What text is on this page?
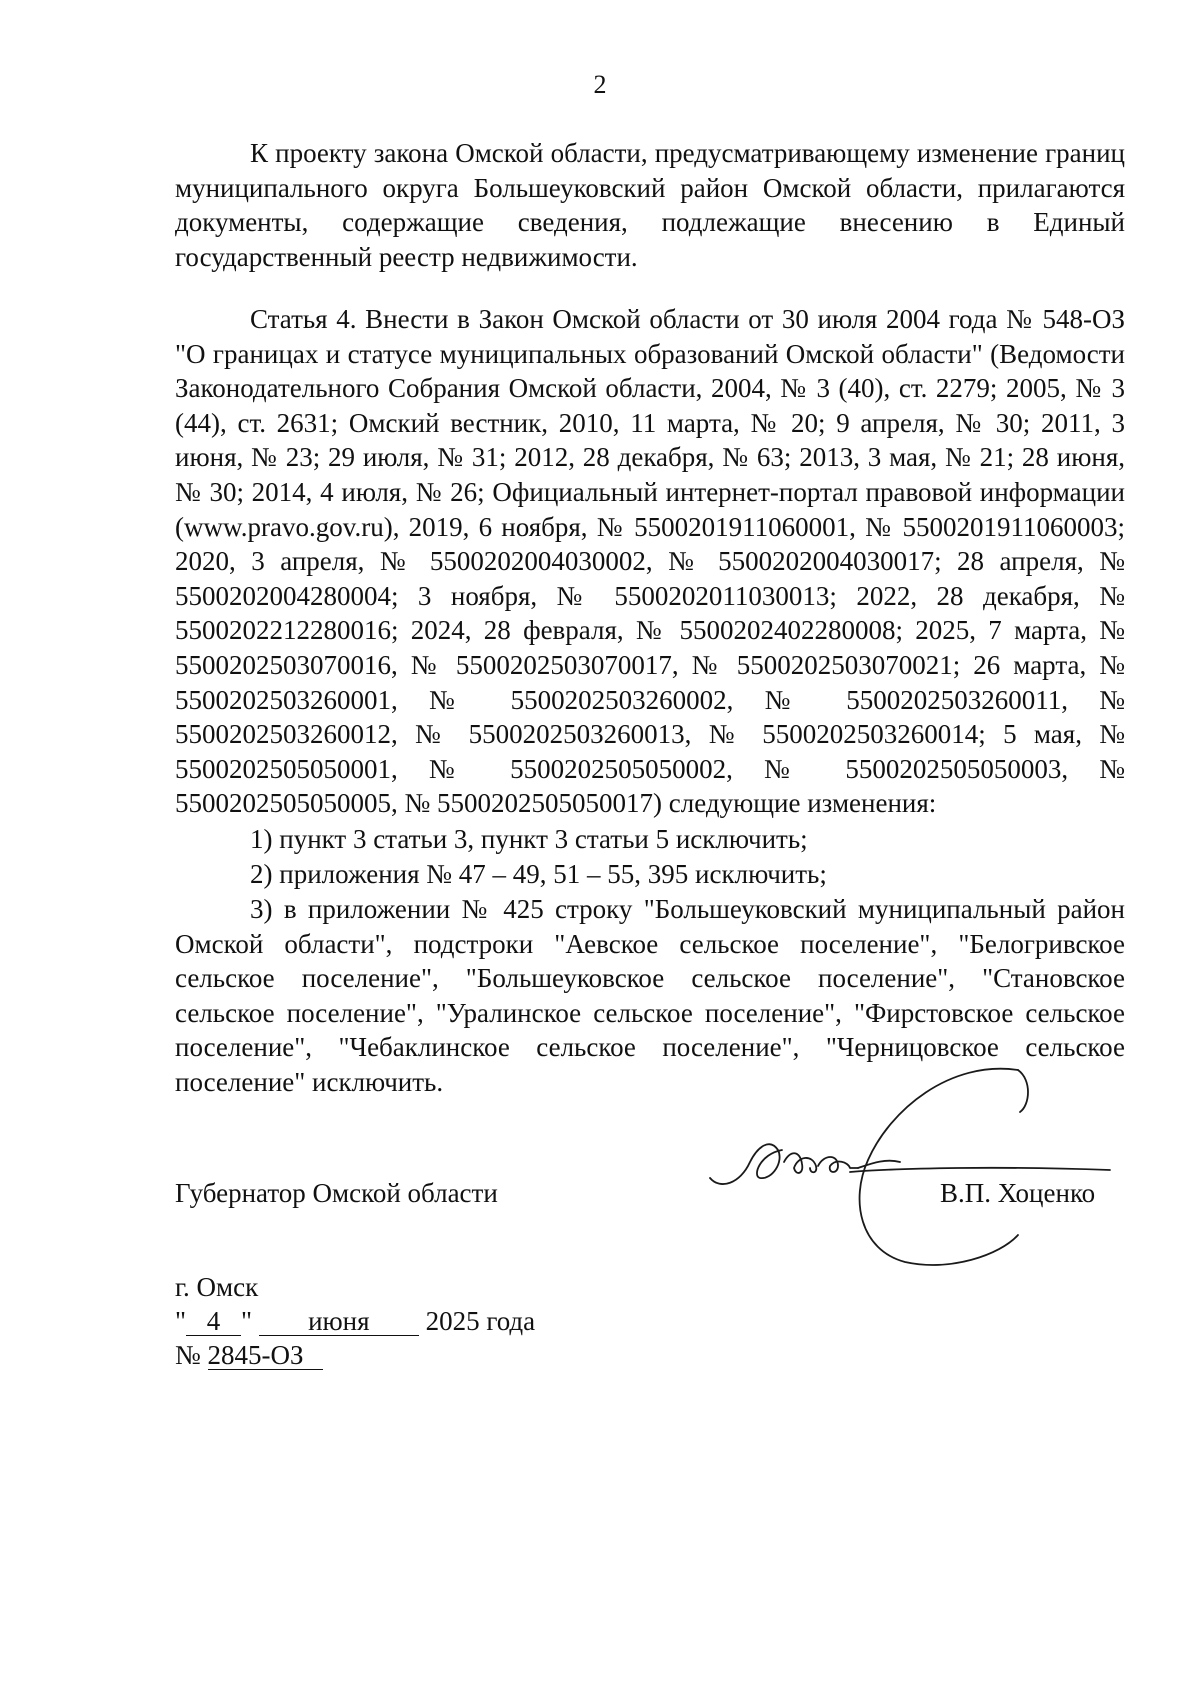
2

К проекту закона Омской области, предусматривающему изменение границ муниципального округа Большеуковский район Омской области, прилагаются документы, содержащие сведения, подлежащие внесению в Единый государственный реестр недвижимости.

Статья 4. Внести в Закон Омской области от 30 июля 2004 года № 548-ОЗ "О границах и статусе муниципальных образований Омской области" (Ведомости Законодательного Собрания Омской области, 2004, № 3 (40), ст. 2279; 2005, № 3 (44), ст. 2631; Омский вестник, 2010, 11 марта, № 20; 9 апреля, № 30; 2011, 3 июня, № 23; 29 июля, № 31; 2012, 28 декабря, № 63; 2013, 3 мая, № 21; 28 июня, № 30; 2014, 4 июля, № 26; Официальный интернет-портал правовой информации (www.pravo.gov.ru), 2019, 6 ноября, № 5500201911060001, № 5500201911060003; 2020, 3 апреля, № 5500202004030002, № 5500202004030017; 28 апреля, № 5500202004280004; 3 ноября, № 5500202011030013; 2022, 28 декабря, № 5500202212280016; 2024, 28 февраля, № 5500202402280008; 2025, 7 марта, № 5500202503070016, № 5500202503070017, № 5500202503070021; 26 марта, № 5500202503260001, № 5500202503260002, № 5500202503260011, № 5500202503260012, № 5500202503260013, № 5500202503260014; 5 мая, № 5500202505050001, № 5500202505050002, № 5500202505050003, № 5500202505050005, № 5500202505050017) следующие изменения:

1) пункт 3 статьи 3, пункт 3 статьи 5 исключить;

2) приложения № 47 – 49, 51 – 55, 395 исключить;

3) в приложении № 425 строку "Большеуковский муниципальный район Омской области", подстроки "Аевское сельское поселение", "Белогривское сельское поселение", "Большеуковское сельское поселение", "Становское сельское поселение", "Уралинское сельское поселение", "Фирстовское сельское поселение", "Чебаклинское сельское поселение", "Черницовское сельское поселение" исключить.

Губернатор Омской области	В.П. Хоценко
г. Омск
" 4 " июня 2025 года
№ 2845-ОЗ
